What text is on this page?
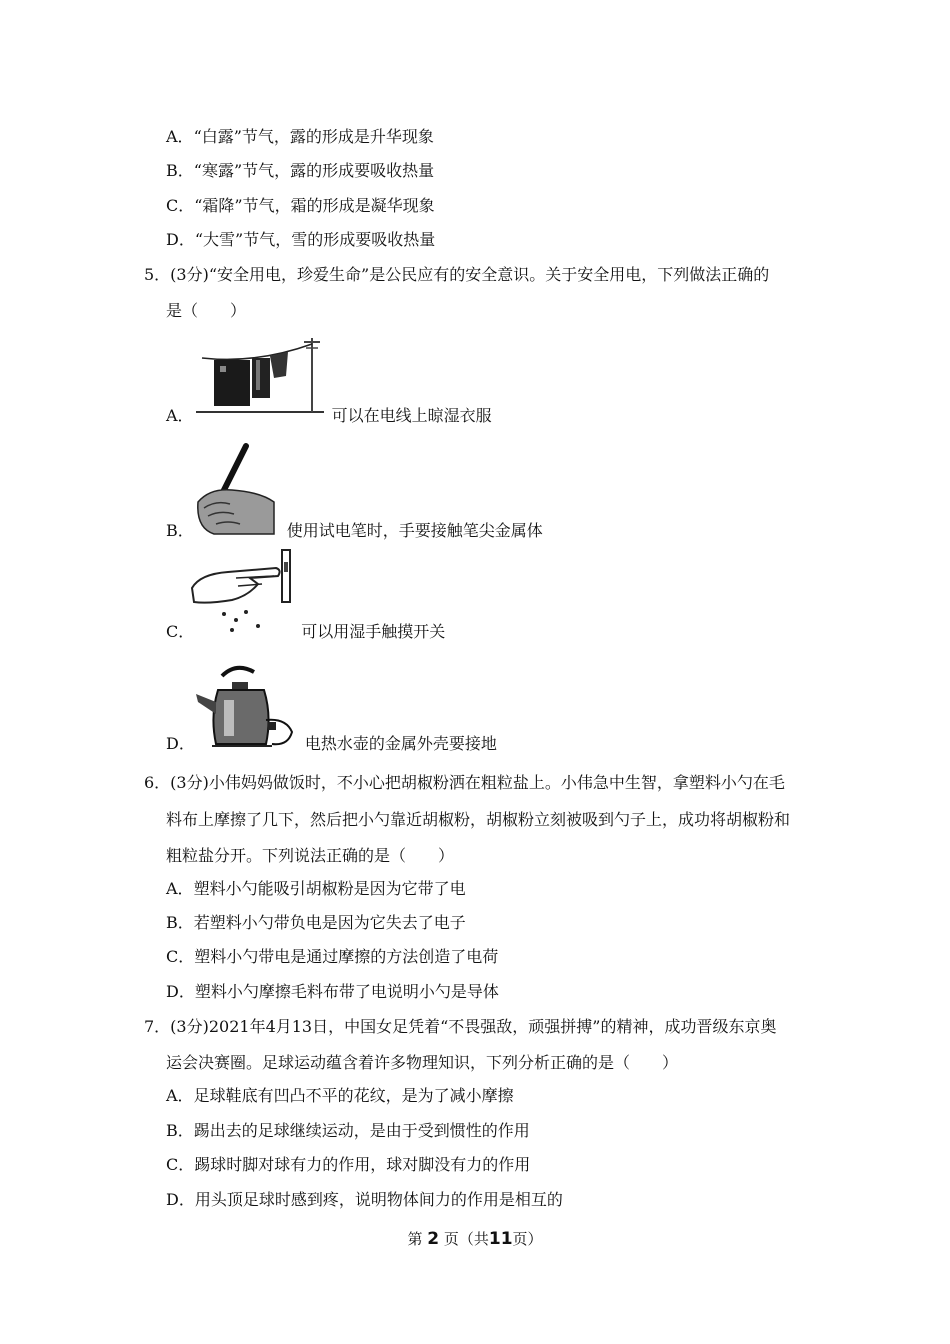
A．“白露”节气，露的形成是升华现象
B．“寒露”节气，露的形成要吸收热量
C．“霜降”节气，霜的形成是凝华现象
D．“大雪”节气，雪的形成要吸收热量
5．(3分)“安全用电，珍爱生命”是公民应有的安全意识。关于安全用电，下列做法正确的
是（　　）
A．	可以在电线上晾湿衣服
B．	使用试电笔时，手要接触笔尖金属体
C．	可以用湿手触摸开关
D．	电热水壶的金属外壳要接地
6．(3分)小伟妈妈做饭时，不小心把胡椒粉洒在粗粒盐上。小伟急中生智，拿塑料小勺在毛
料布上摩擦了几下，然后把小勺靠近胡椒粉，胡椒粉立刻被吸到勺子上，成功将胡椒粉和
粗粒盐分开。下列说法正确的是（　　）
A．塑料小勺能吸引胡椒粉是因为它带了电
B．若塑料小勺带负电是因为它失去了电子
C．塑料小勺带电是通过摩擦的方法创造了电荷
D．塑料小勺摩擦毛料布带了电说明小勺是导体
7．(3分)2021年4月13日，中国女足凭着“不畏强敌，顽强拼搏”的精神，成功晋级东京奥
运会决赛圈。足球运动蕴含着许多物理知识，下列分析正确的是（　　）
A．足球鞋底有凹凸不平的花纹，是为了减小摩擦
B．踢出去的足球继续运动，是由于受到惯性的作用
C．踢球时脚对球有力的作用，球对脚没有力的作用
D．用头顶足球时感到疼，说明物体间力的作用是相互的
第 2 页（共11页）
